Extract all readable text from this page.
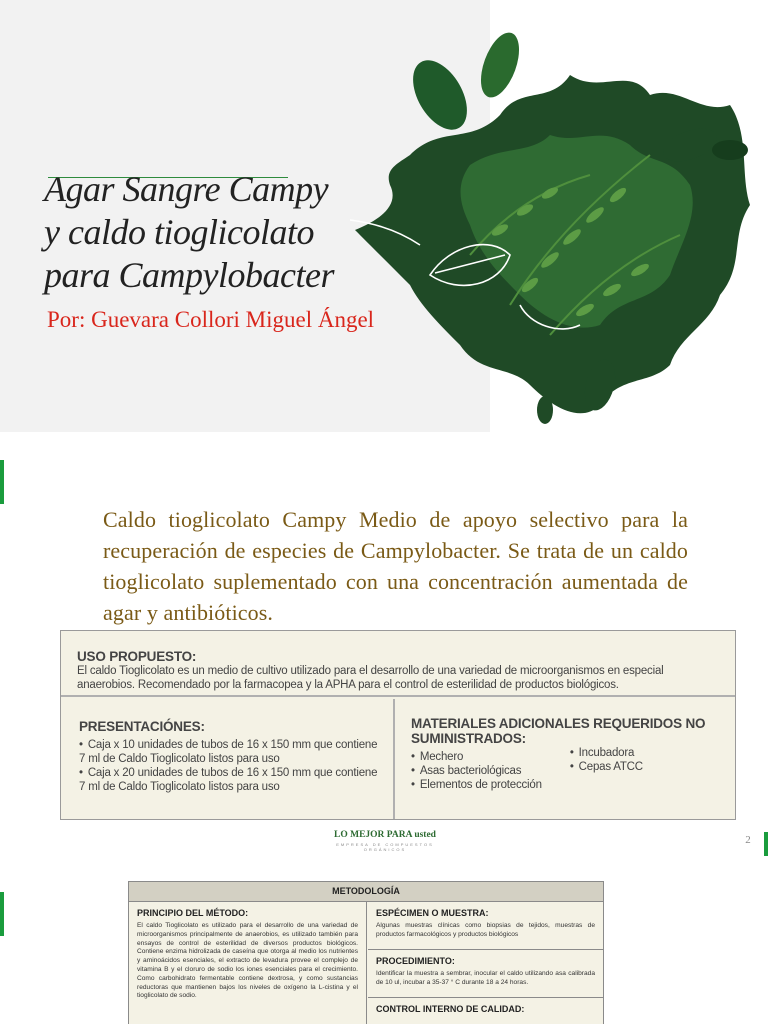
Agar Sangre Campy
y caldo tioglicolato
para Campylobacter
Por: Guevara Collori Miguel Ángel

Caldo tioglicolato Campy Medio de apoyo selectivo para la recuperación de especies de Campylobacter. Se trata de un caldo tioglicolato suplementado con una concentración aumentada de agar y antibióticos.

USO PROPUESTO:
El caldo Tioglicolato es un medio de cultivo utilizado para el desarrollo de una variedad de microorganismos en especial anaerobios. Recomendado por la farmacopea y la APHA para el control de esterilidad de productos biológicos.
PRESENTACIÓNES:
• Caja x 10 unidades de tubos de 16 x 150 mm que contiene
7 ml de Caldo Tioglicolato listos para uso
• Caja x 20 unidades de tubos de 16 x 150 mm que contiene
7 ml de Caldo Tioglicolato listos para uso
MATERIALES ADICIONALES REQUERIDOS NO
SUMINISTRADOS:
• Mechero
• Asas bacteriológicas
• Elementos de protección
• Incubadora
• Cepas ATCC
LO MEJOR PARA usted
EMPRESA DE COMPUESTOS ORGÁNICOS
2
METODOLOGÍA
PRINCIPIO DEL MÉTODO:
El caldo Tioglicolato es utilizado para el desarrollo de una variedad de microorganismos principalmente de anaerobios, es utilizado también para ensayos de control de esterilidad de diversos productos biológicos. Contiene enzima hidrolizada de caseína que otorga al medio los nutrientes y aminoácidos esenciales, el extracto de levadura provee el complejo de vitamina B y el cloruro de sodio los iones esenciales para el crecimiento. Como carbohidrato fermentable contiene dextrosa, y como sustancias reductoras que mantienen bajos los niveles de oxígeno la L-cistina y el tioglicolato de sodio.
ESPÉCIMEN O MUESTRA:
Algunas muestras clínicas como biopsias de tejidos, muestras de productos farmacológicos y productos biológicos
PROCEDIMIENTO:
Identificar la muestra a sembrar, inocular el caldo utilizando asa calibrada de 10 ul, incubar a 35-37 ° C durante 18 a 24 horas.
CONTROL INTERNO DE CALIDAD:
